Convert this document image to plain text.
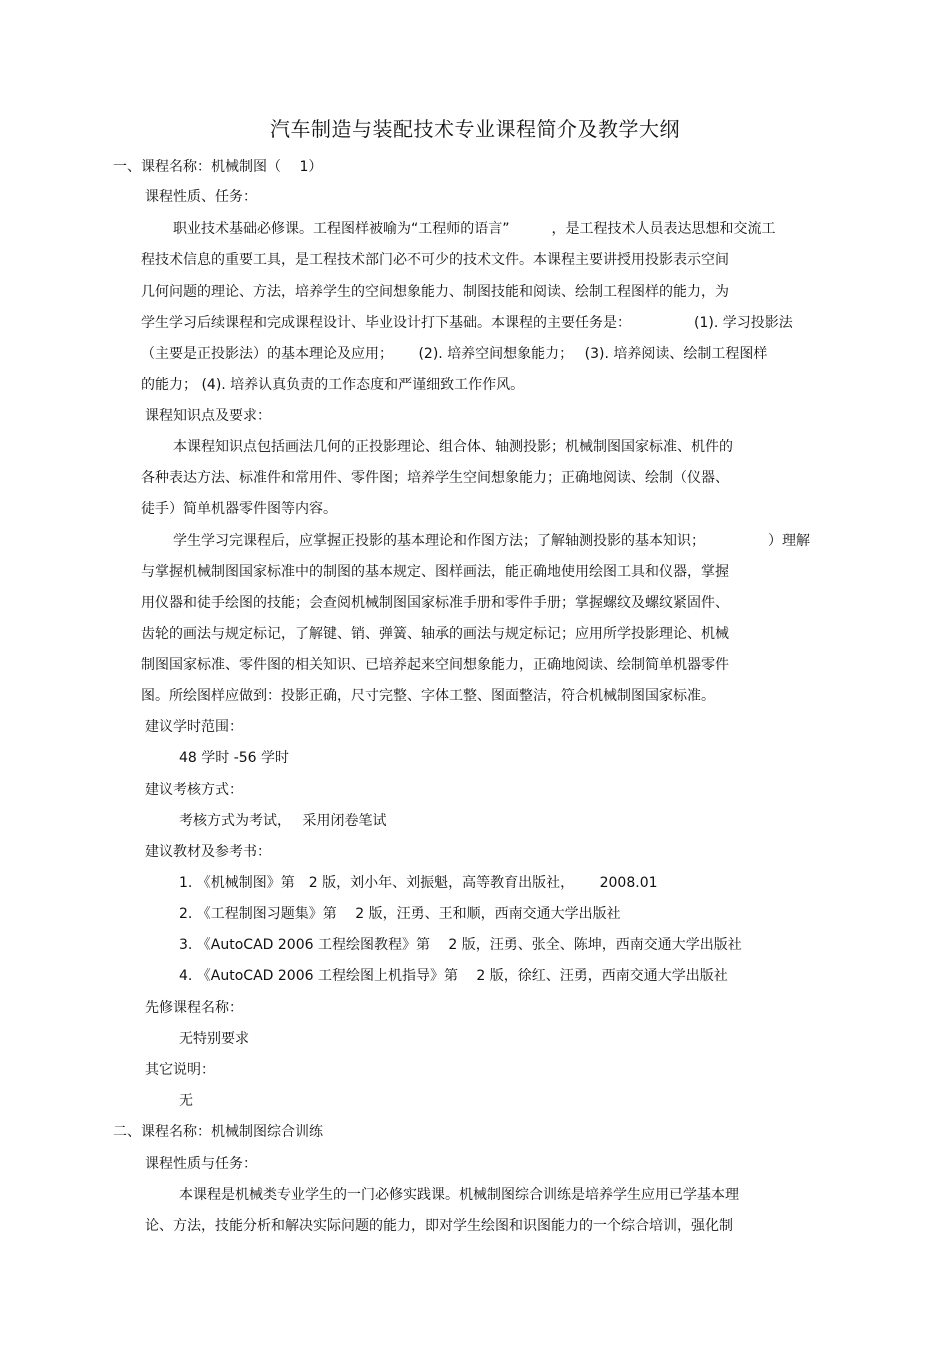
汽车制造与装配技术专业课程简介及教学大纲
一、课程名称：机械制图（　 1）
课程性质、任务：
职业技术基础必修课。工程图样被喻为“工程师的语言”　　　，是工程技术人员表达思想和交流工
程技术信息的重要工具，是工程技术部门必不可少的技术文件。本课程主要讲授用投影表示空间
几何问题的理论、方法，培养学生的空间想象能力、制图技能和阅读、绘制工程图样的能力，为
学生学习后续课程和完成课程设计、毕业设计打下基础。本课程的主要任务是：　　　　　(1). 学习投影法
（主要是正投影法）的基本理论及应用；　　 (2). 培养空间想象能力；　 (3). 培养阅读、绘制工程图样
的能力； (4). 培养认真负责的工作态度和严谨细致工作作风。
课程知识点及要求：
本课程知识点包括画法几何的正投影理论、组合体、轴测投影；机械制图国家标准、机件的
各种表达方法、标准件和常用件、零件图；培养学生空间想象能力；正确地阅读、绘制（仪器、
徒手）简单机器零件图等内容。
学生学习完课程后，应掌握正投影的基本理论和作图方法；了解轴测投影的基本知识；　　　　　）理解
与掌握机械制图国家标准中的制图的基本规定、图样画法，能正确地使用绘图工具和仪器，掌握
用仪器和徒手绘图的技能；会查阅机械制图国家标准手册和零件手册；掌握螺纹及螺纹紧固件、
齿轮的画法与规定标记，了解键、销、弹簧、轴承的画法与规定标记；应用所学投影理论、机械
制图国家标准、零件图的相关知识、已培养起来空间想象能力，正确地阅读、绘制简单机器零件
图。所绘图样应做到：投影正确，尺寸完整、字体工整、图面整洁，符合机械制图国家标准。
建议学时范围：
48 学时 -56 学时
建议考核方式：
考核方式为考试，　 采用闭卷笔试
建议教材及参考书：
1. 《机械制图》第　2 版，刘小年、刘振魁，高等教育出版社，　　 2008.01
2. 《工程制图习题集》第　 2 版，汪勇、王和顺，西南交通大学出版社
3. 《AutoCAD 2006 工程绘图教程》第　 2 版，汪勇、张全、陈坤，西南交通大学出版社
4. 《AutoCAD 2006 工程绘图上机指导》第　 2 版，徐红、汪勇，西南交通大学出版社
先修课程名称：
无特别要求
其它说明：
无
二、课程名称：机械制图综合训练
课程性质与任务：
本课程是机械类专业学生的一门必修实践课。机械制图综合训练是培养学生应用已学基本理
论、方法，技能分析和解决实际问题的能力，即对学生绘图和识图能力的一个综合培训，强化制
